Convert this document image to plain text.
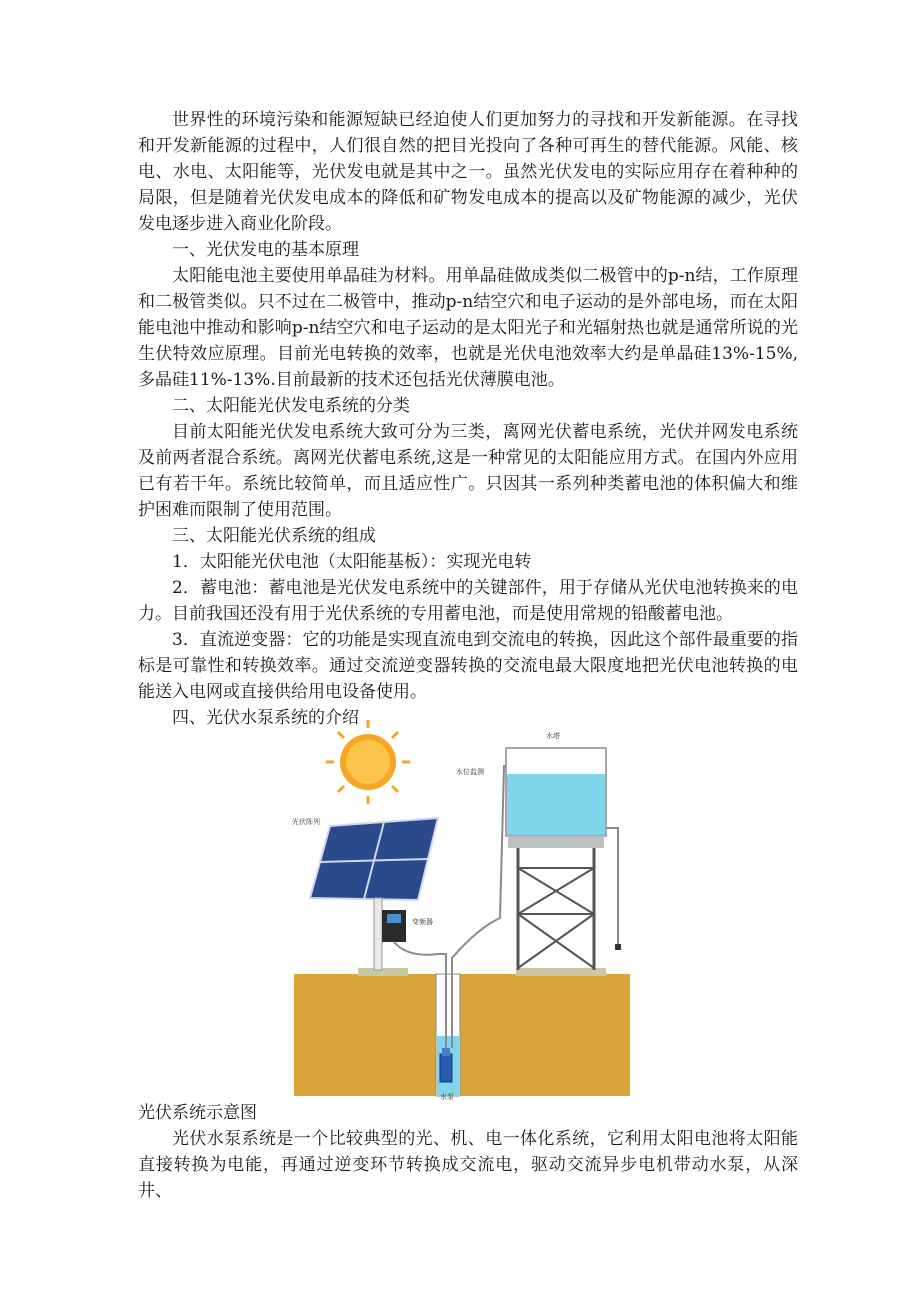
世界性的环境污染和能源短缺已经迫使人们更加努力的寻找和开发新能源。在寻找和开发新能源的过程中，人们很自然的把目光投向了各种可再生的替代能源。风能、核电、水电、太阳能等，光伏发电就是其中之一。虽然光伏发电的实际应用存在着种种的局限，但是随着光伏发电成本的降低和矿物发电成本的提高以及矿物能源的减少，光伏发电逐步进入商业化阶段。

一、光伏发电的基本原理

太阳能电池主要使用单晶硅为材料。用单晶硅做成类似二极管中的p-n结，工作原理和二极管类似。只不过在二极管中，推动p-n结空穴和电子运动的是外部电场，而在太阳能电池中推动和影响p-n结空穴和电子运动的是太阳光子和光辐射热也就是通常所说的光生伏特效应原理。目前光电转换的效率，也就是光伏电池效率大约是单晶硅13%-15%,多晶硅11%-13%.目前最新的技术还包括光伏薄膜电池。

二、太阳能光伏发电系统的分类

目前太阳能光伏发电系统大致可分为三类，离网光伏蓄电系统，光伏并网发电系统及前两者混合系统。离网光伏蓄电系统,这是一种常见的太阳能应用方式。在国内外应用已有若干年。系统比较简单，而且适应性广。只因其一系列种类蓄电池的体积偏大和维护困难而限制了使用范围。

三、太阳能光伏系统的组成

1．太阳能光伏电池（太阳能基板）：实现光电转

2．蓄电池：蓄电池是光伏发电系统中的关键部件，用于存储从光伏电池转换来的电力。目前我国还没有用于光伏系统的专用蓄电池，而是使用常规的铅酸蓄电池。

3．直流逆变器：它的功能是实现直流电到交流电的转换，因此这个部件最重要的指标是可靠性和转换效率。通过交流逆变器转换的交流电最大限度地把光伏电池转换的电能送入电网或直接供给用电设备使用。

四、光伏水泵系统的介绍

水泵
光伏阵列
变频器
水塔
水位监测

光伏系统示意图

光伏水泵系统是一个比较典型的光、机、电一体化系统，它利用太阳电池将太阳能直接转换为电能，再通过逆变环节转换成交流电，驱动交流异步电机带动水泵，从深井、
